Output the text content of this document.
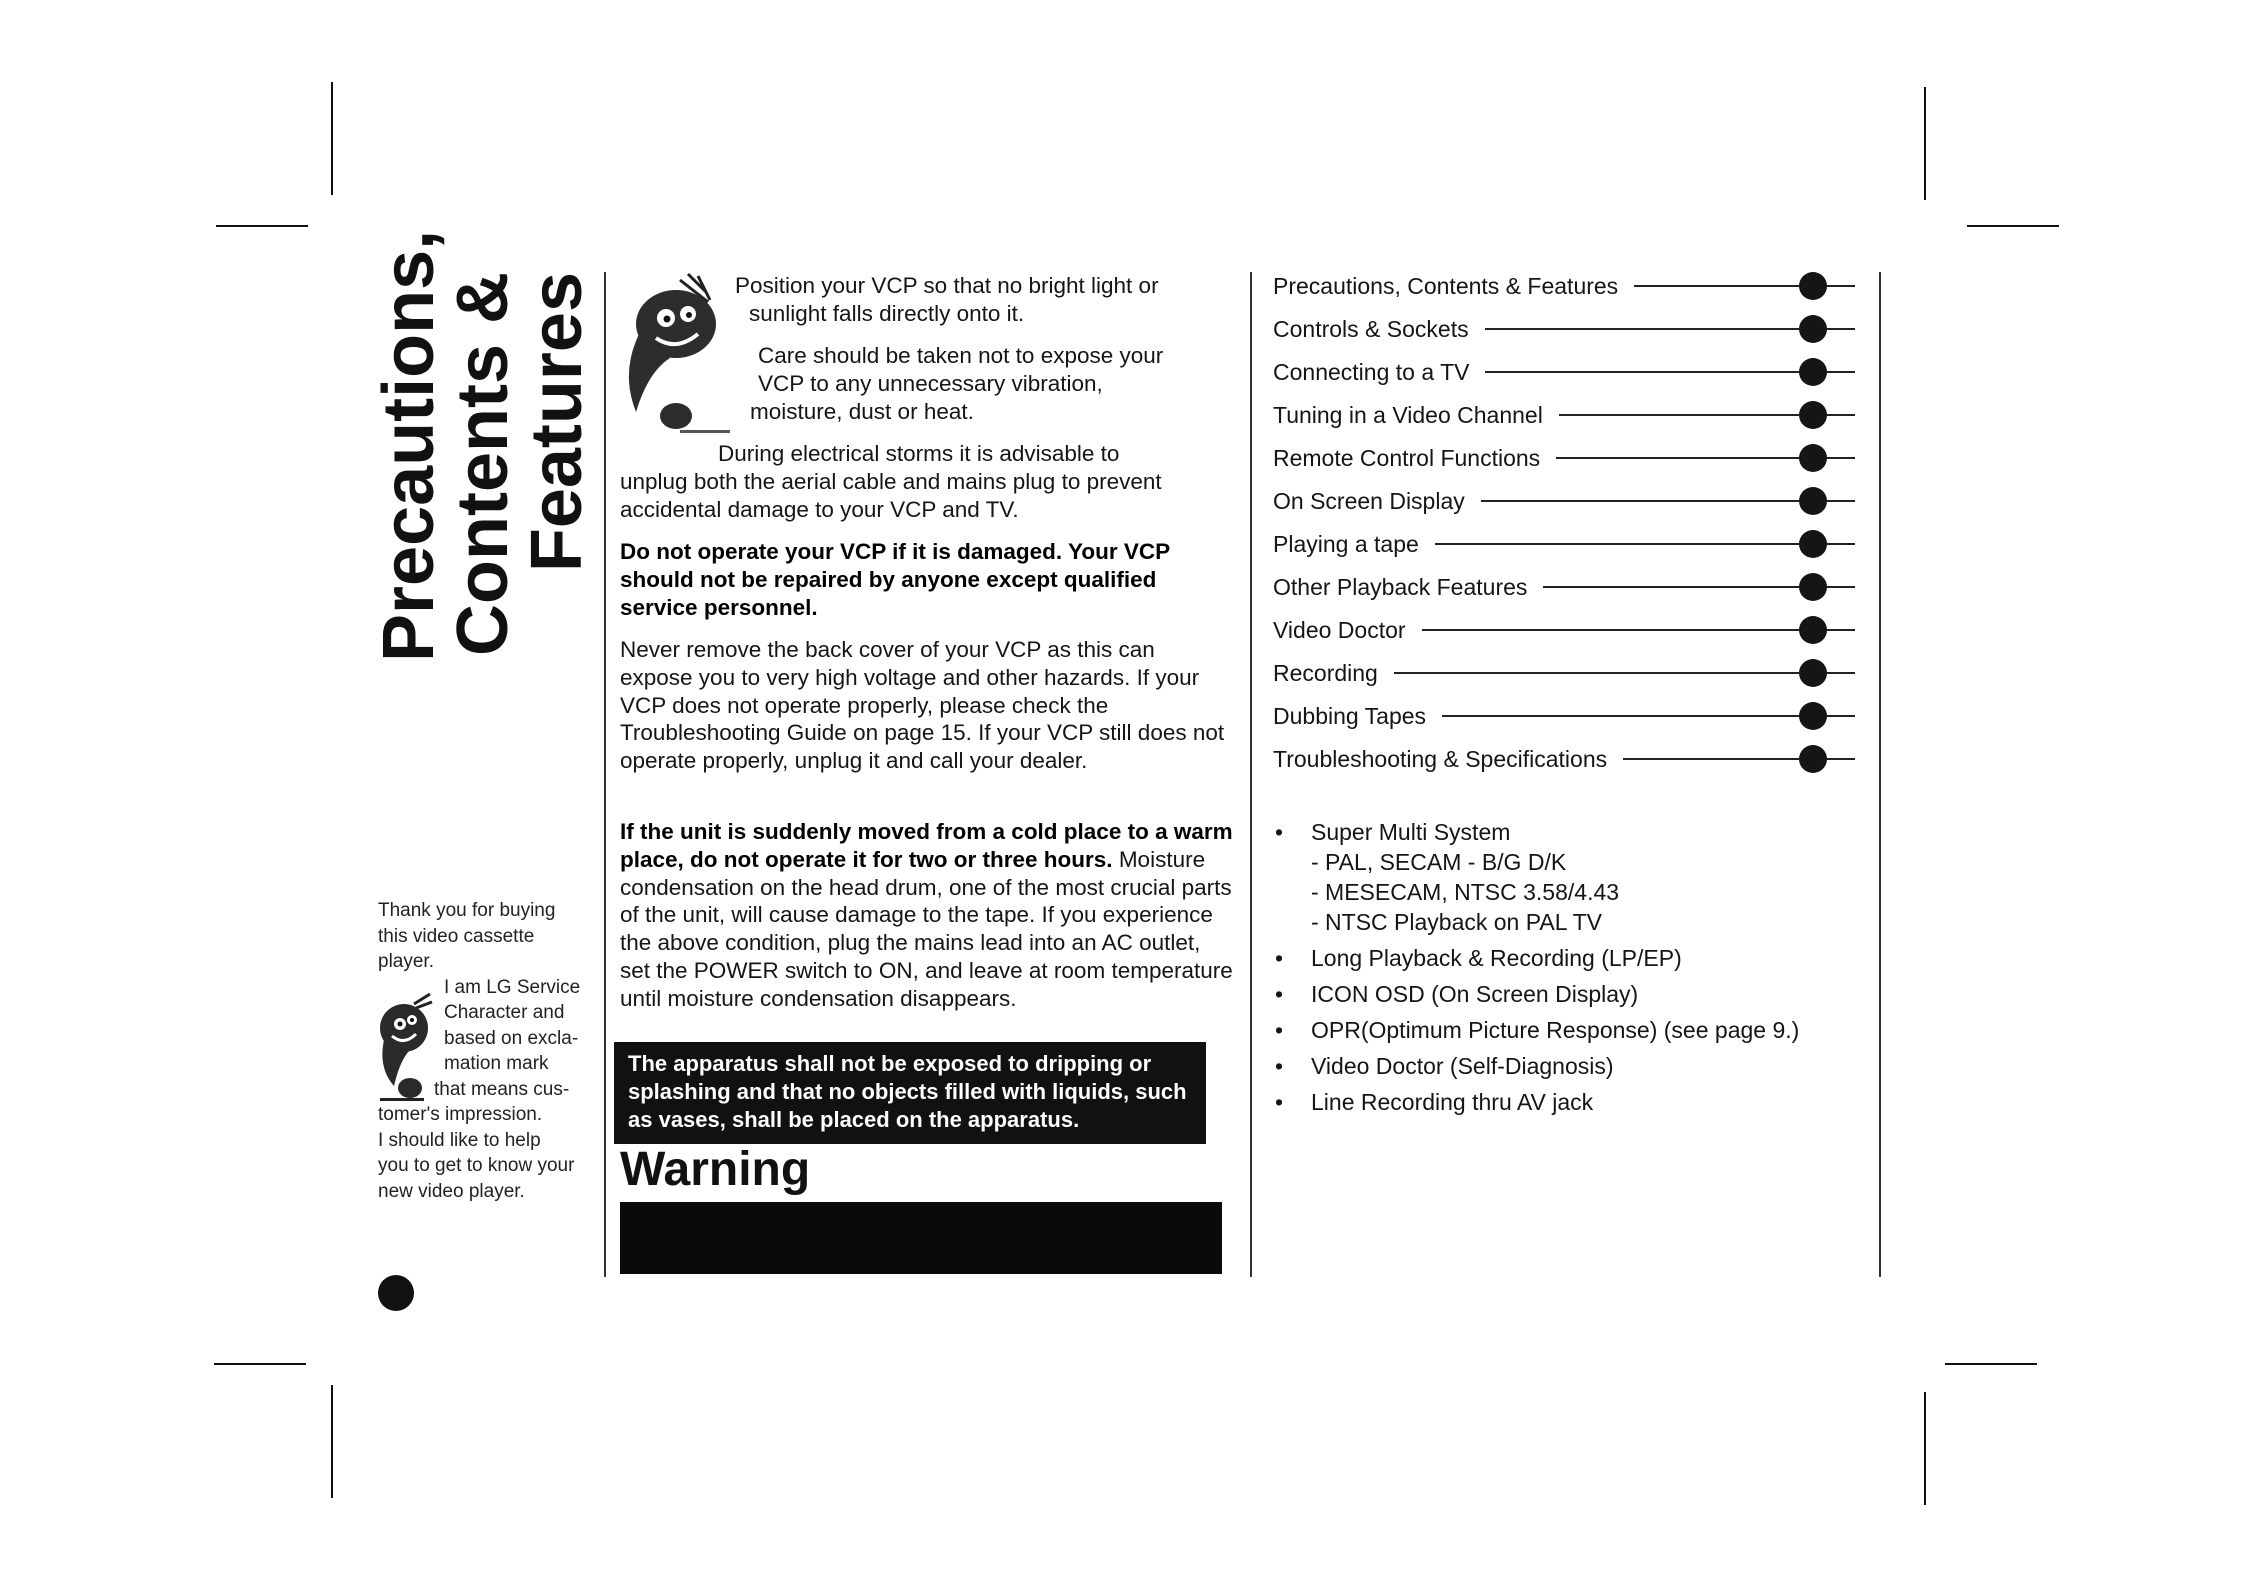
Precautions,
Contents &
Features

Thank you for buying

this video cassette

player.

I am LG Service

Character and

based on excla-

mation mark

that means cus-

tomer's impression.

I should like to help

you to get to know your

new video player.

Position your VCP so that no bright light or

sunlight falls directly onto it.

Care should be taken not to expose your

VCP to any unnecessary vibration,

moisture, dust or heat.

During electrical storms it is advisable to

unplug both the aerial cable and mains plug to prevent accidental damage to your VCP and TV.

Do not operate your VCP if it is damaged. Your VCP should not be repaired by anyone except qualified service personnel.

Never remove the back cover of your VCP as this can expose you to very high voltage and other hazards. If your VCP does not operate properly, please check the Troubleshooting Guide on page 15. If your VCP still does not operate properly, unplug it and call your dealer.

If the unit is suddenly moved from a cold place to a warm place, do not operate it for two or three hours. Moisture condensation on the head drum, one of the most crucial parts of the unit, will cause damage to the tape. If you experience the above condition, plug the mains lead into an AC outlet, set the POWER switch to ON, and leave at room temperature until moisture condensation disappears.

The apparatus shall not be exposed to dripping or splashing and that no objects filled with liquids, such as vases, shall be placed on the apparatus.
Warning
Precautions, Contents & Features
Controls & Sockets
Connecting to a TV
Tuning in a Video Channel
Remote Control Functions
On Screen Display
Playing a tape
Other Playback Features
Video Doctor
Recording
Dubbing Tapes
Troubleshooting & Specifications
• Super Multi System
- PAL, SECAM - B/G D/K
- MESECAM, NTSC 3.58/4.43
- NTSC Playback on PAL TV
• Long Playback & Recording (LP/EP)
• ICON OSD (On Screen Display)
• OPR(Optimum Picture Response) (see page 9.)
• Video Doctor (Self-Diagnosis)
• Line Recording thru AV jack
